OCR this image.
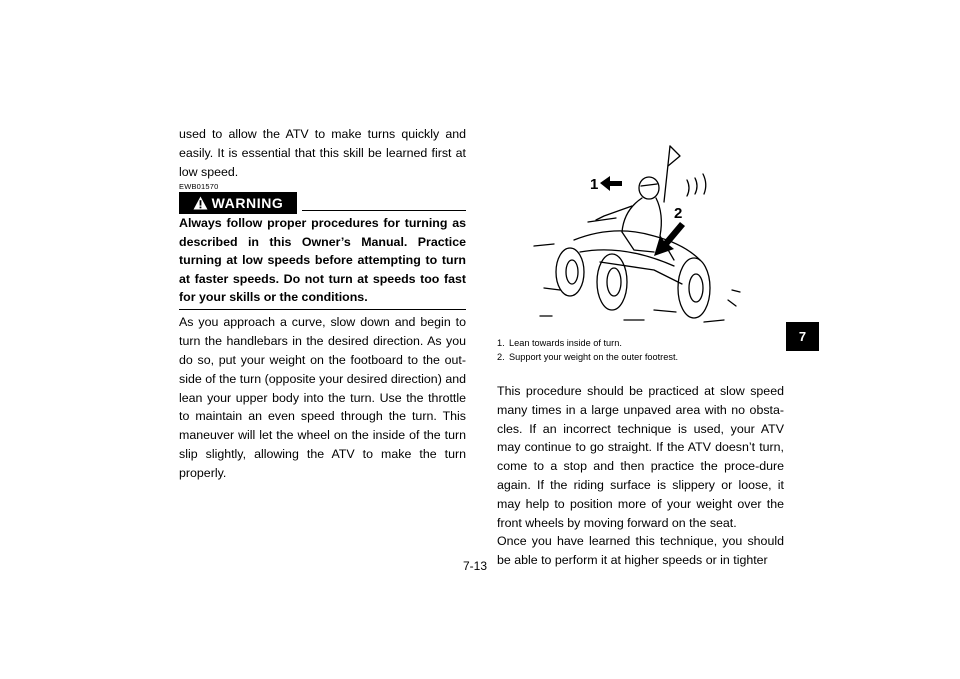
used to allow the ATV to make turns quickly and easily. It is essential that this skill be learned first at low speed.

EWB01570
WARNING

Always follow proper procedures for turning as described in this Owner’s Manual. Practice turning at low speeds before attempting to turn at faster speeds. Do not turn at speeds too fast for your skills or the conditions.

As you approach a curve, slow down and begin to turn the handlebars in the desired direction. As you do so, put your weight on the footboard to the out-side of the turn (opposite your desired direction) and lean your upper body into the turn. Use the throttle to maintain an even speed through the turn. This maneuver will let the wheel on the inside of the turn slip slightly, allowing the ATV to make the turn properly.

1
2
1. Lean towards inside of turn.
2. Support your weight on the outer footrest.

This procedure should be practiced at slow speed many times in a large unpaved area with no obsta-cles. If an incorrect technique is used, your ATV may continue to go straight. If the ATV doesn’t turn, come to a stop and then practice the proce-dure again. If the riding surface is slippery or loose, it may help to position more of your weight over the front wheels by moving forward on the seat.

Once you have learned this technique, you should be able to perform it at higher speeds or in tighter

7-13
7
